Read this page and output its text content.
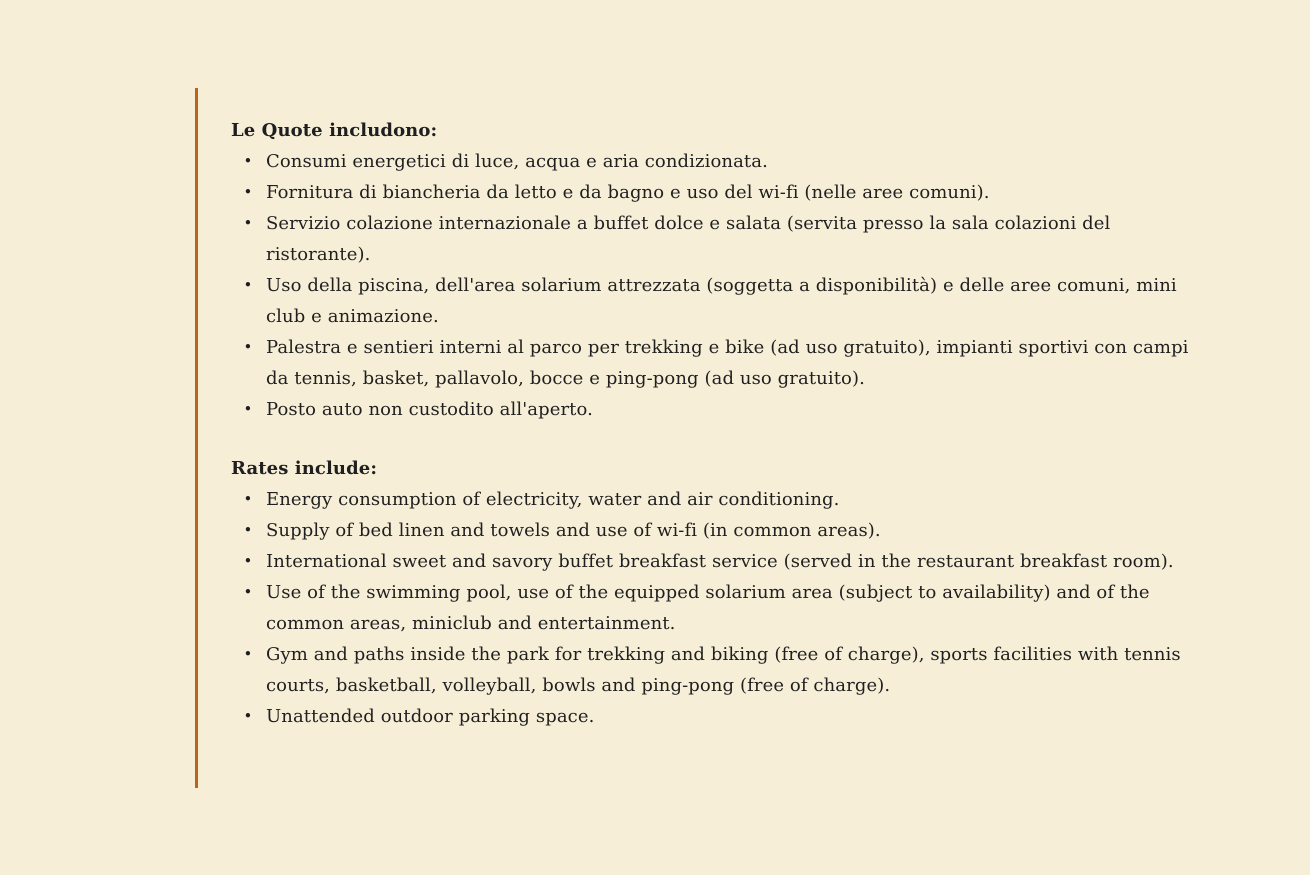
Le Quote includono:

• Consumi energetici di luce, acqua e aria condizionata.
• Fornitura di biancheria da letto e da bagno e uso del wi-fi (nelle aree comuni).
• Servizio colazione internazionale a buffet dolce e salata (servita presso la sala colazioni del ristorante).
• Uso della piscina, dell'area solarium attrezzata (soggetta a disponibilità) e delle aree comuni, mini club e animazione.
• Palestra e sentieri interni al parco per trekking e bike (ad uso gratuito), impianti sportivi con campi da tennis, basket, pallavolo, bocce e ping-pong (ad uso gratuito).
• Posto auto non custodito all'aperto.

Rates include:

• Energy consumption of electricity, water and air conditioning.
• Supply of bed linen and towels and use of wi-fi (in common areas).
• International sweet and savory buffet breakfast service (served in the restaurant breakfast room).
• Use of the swimming pool, use of the equipped solarium area (subject to availability) and of the common areas, miniclub and entertainment.
• Gym and paths inside the park for trekking and biking (free of charge), sports facilities with tennis courts, basketball, volleyball, bowls and ping-pong (free of charge).
• Unattended outdoor parking space.
